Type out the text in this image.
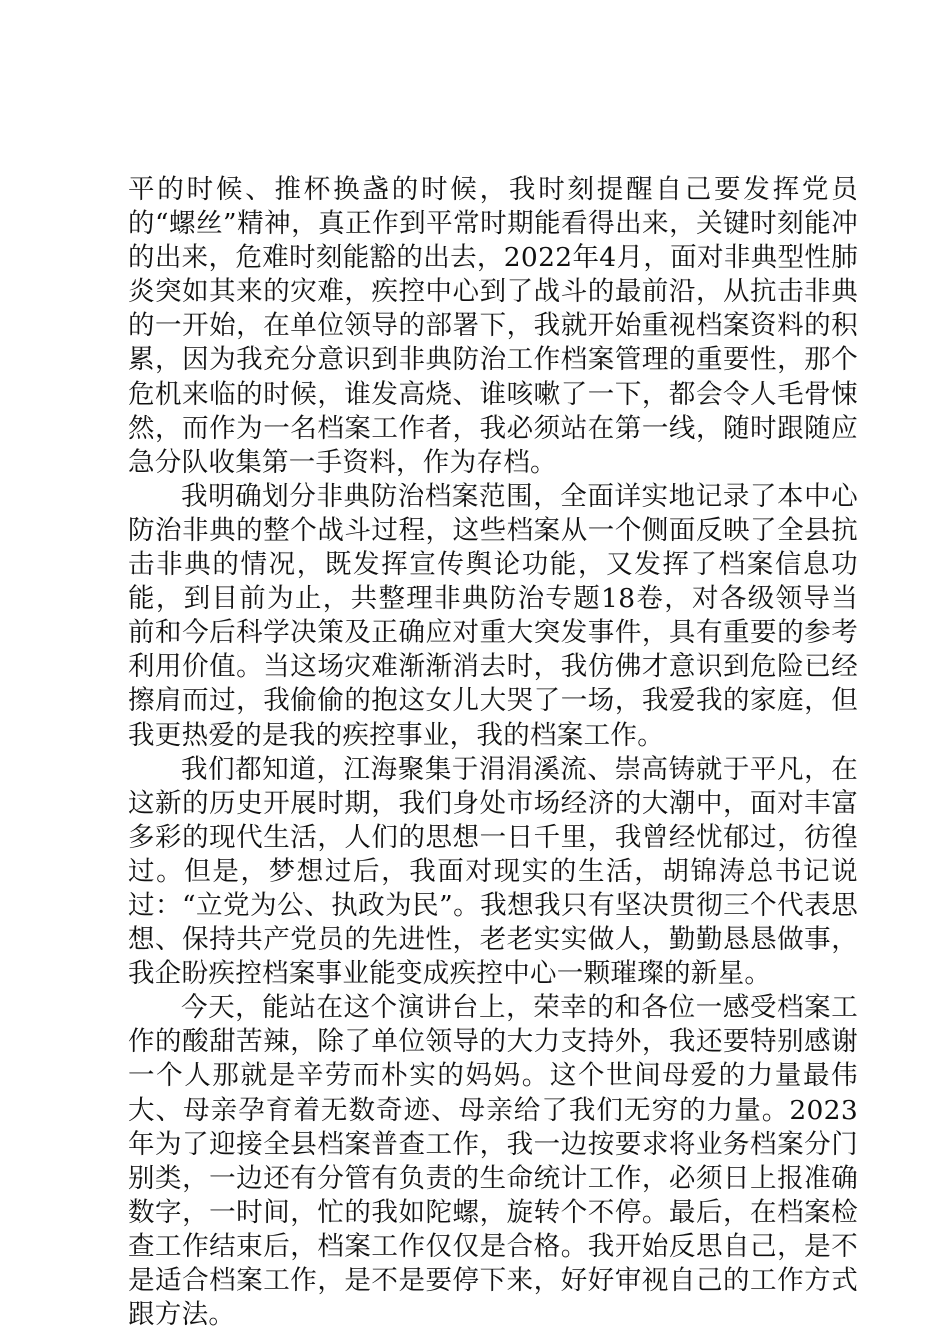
平的时候、推杯换盏的时候，我时刻提醒自己要发挥党员的“螺丝”精神，真正作到平常时期能看得出来，关键时刻能冲的出来，危难时刻能豁的出去，2022年4月，面对非典型性肺炎突如其来的灾难，疾控中心到了战斗的最前沿，从抗击非典的一开始，在单位领导的部署下，我就开始重视档案资料的积累，因为我充分意识到非典防治工作档案管理的重要性，那个危机来临的时候，谁发高烧、谁咳嗽了一下，都会令人毛骨悚然，而作为一名档案工作者，我必须站在第一线，随时跟随应急分队收集第一手资料，作为存档。

我明确划分非典防治档案范围，全面详实地记录了本中心防治非典的整个战斗过程，这些档案从一个侧面反映了全县抗击非典的情况，既发挥宣传舆论功能，又发挥了档案信息功能，到目前为止，共整理非典防治专题18卷，对各级领导当前和今后科学决策及正确应对重大突发事件，具有重要的参考利用价值。当这场灾难渐渐消去时，我仿佛才意识到危险已经擦肩而过，我偷偷的抱这女儿大哭了一场，我爱我的家庭，但我更热爱的是我的疾控事业，我的档案工作。

我们都知道，江海聚集于涓涓溪流、崇高铸就于平凡，在这新的历史开展时期，我们身处市场经济的大潮中，面对丰富多彩的现代生活，人们的思想一日千里，我曾经忧郁过，彷徨过。但是，梦想过后，我面对现实的生活，胡锦涛总书记说过：“立党为公、执政为民”。我想我只有坚决贯彻三个代表思想、保持共产党员的先进性，老老实实做人，勤勤恳恳做事，我企盼疾控档案事业能变成疾控中心一颗璀璨的新星。

今天，能站在这个演讲台上，荣幸的和各位一感受档案工作的酸甜苦辣，除了单位领导的大力支持外，我还要特别感谢一个人那就是辛劳而朴实的妈妈。这个世间母爱的力量最伟大、母亲孕育着无数奇迹、母亲给了我们无穷的力量。2023年为了迎接全县档案普查工作，我一边按要求将业务档案分门别类，一边还有分管有负责的生命统计工作，必须日上报准确数字，一时间，忙的我如陀螺，旋转个不停。最后，在档案检查工作结束后，档案工作仅仅是合格。我开始反思自己，是不是适合档案工作，是不是要停下来，好好审视自己的工作方式跟方法。
